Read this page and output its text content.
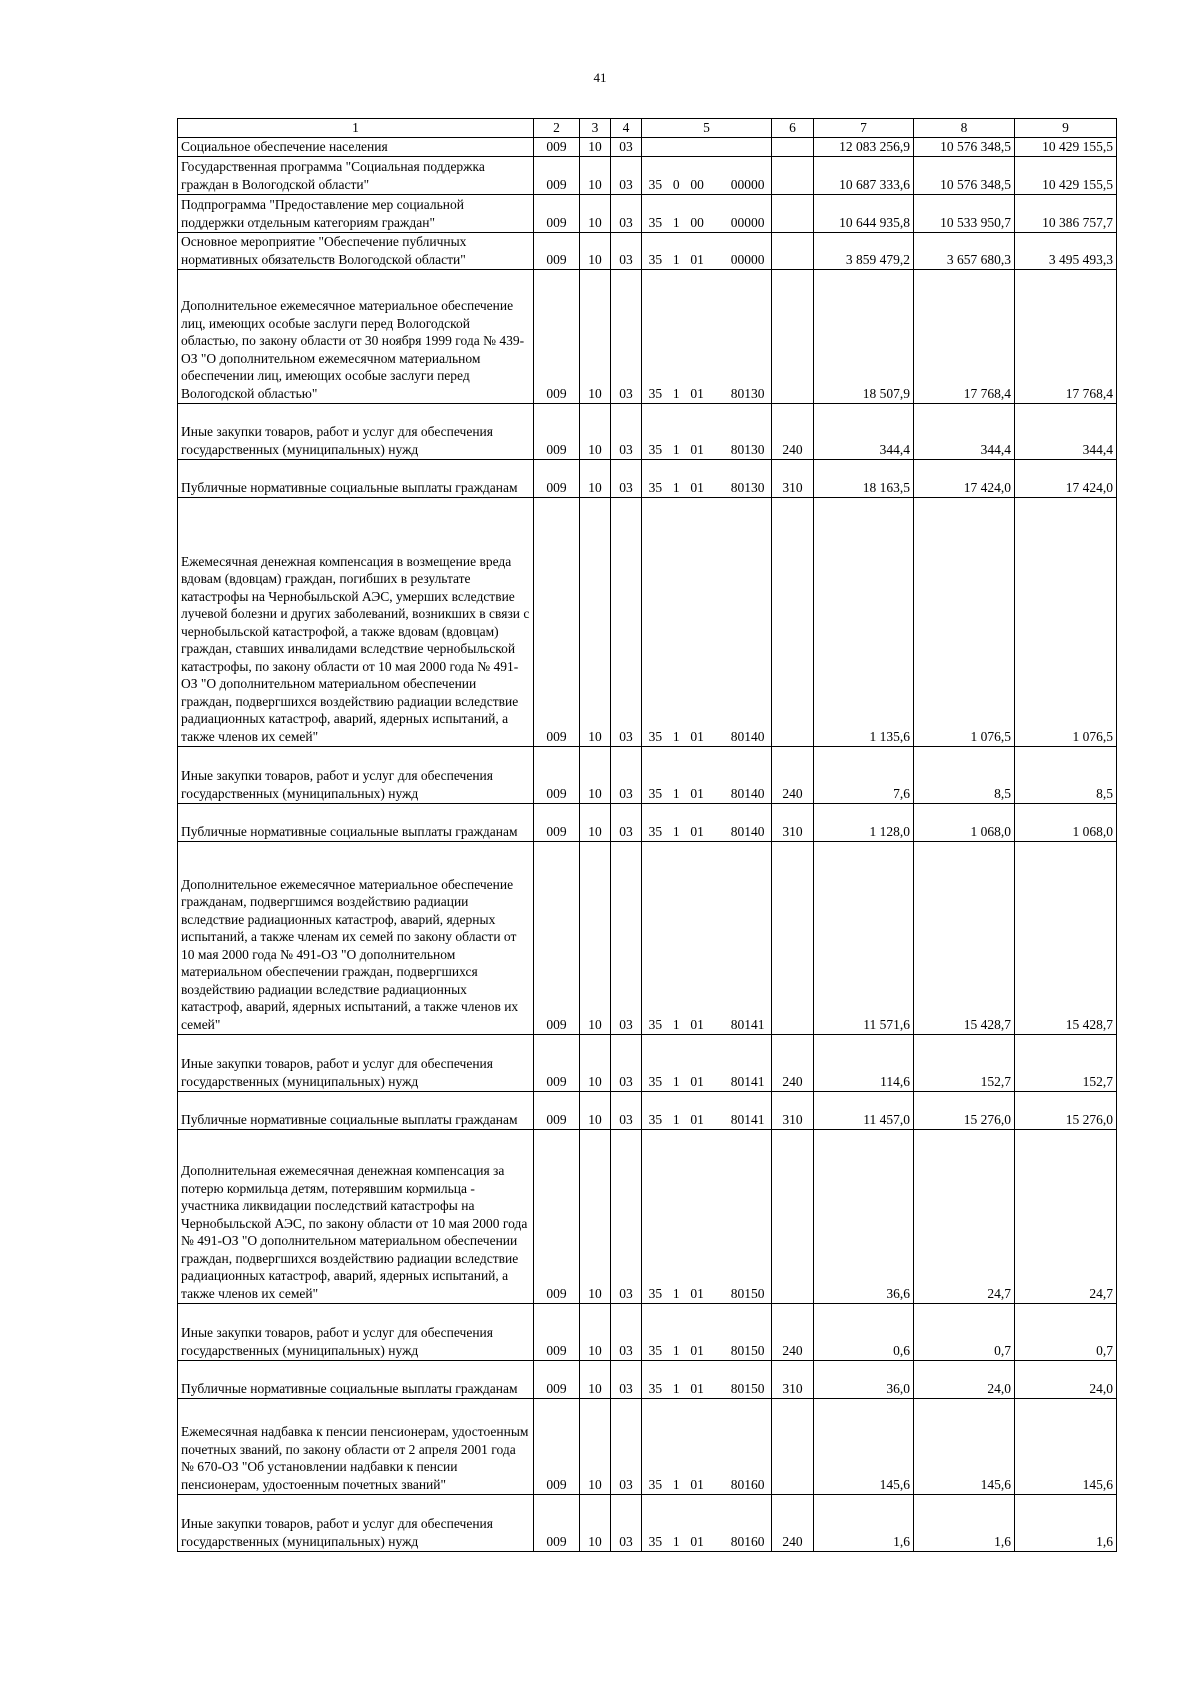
41
1	2	3	4	5	6	7	8	9
Социальное обеспечение населения	009	10	03			12 083 256,9	10 576 348,5	10 429 155,5
Государственная программа "Социальная поддержка граждан в Вологодской области"	009	10	03	35  0  00     00000		10 687 333,6	10 576 348,5	10 429 155,5
Подпрограмма "Предоставление мер социальной поддержки отдельным категориям граждан"	009	10	03	35  1  00     00000		10 644 935,8	10 533 950,7	10 386 757,7
Основное мероприятие "Обеспечение публичных нормативных обязательств Вологодской области"	009	10	03	35  1  01     00000		3 859 479,2	3 657 680,3	3 495 493,3
Дополнительное ежемесячное материальное обеспечение лиц, имеющих особые заслуги перед Вологодской областью, по закону области от 30 ноября 1999 года № 439-ОЗ "О дополнительном ежемесячном материальном обеспечении лиц, имеющих особые заслуги перед Вологодской областью"	009	10	03	35  1  01     80130		18 507,9	17 768,4	17 768,4
Иные закупки товаров, работ и услуг для обеспечения государственных (муниципальных) нужд	009	10	03	35  1  01     80130	240	344,4	344,4	344,4
Публичные нормативные социальные выплаты гражданам	009	10	03	35  1  01     80130	310	18 163,5	17 424,0	17 424,0
Ежемесячная денежная компенсация в возмещение вреда вдовам (вдовцам) граждан, погибших в результате катастрофы на Чернобыльской АЭС, умерших вследствие лучевой болезни и других заболеваний, возникших в связи с чернобыльской катастрофой, а также вдовам (вдовцам) граждан, ставших инвалидами вследствие чернобыльской катастрофы, по закону области от 10 мая 2000 года № 491-ОЗ "О дополнительном материальном обеспечении граждан, подвергшихся воздействию радиации вследствие радиационных катастроф, аварий, ядерных испытаний, а также членов их семей"	009	10	03	35  1  01     80140		1 135,6	1 076,5	1 076,5
Иные закупки товаров, работ и услуг для обеспечения государственных (муниципальных) нужд	009	10	03	35  1  01     80140	240	7,6	8,5	8,5
Публичные нормативные социальные выплаты гражданам	009	10	03	35  1  01     80140	310	1 128,0	1 068,0	1 068,0
Дополнительное ежемесячное материальное обеспечение гражданам, подвергшимся воздействию радиации вследствие радиационных катастроф, аварий, ядерных испытаний, а также членам их семей по закону области от 10 мая 2000 года № 491-ОЗ "О дополнительном материальном обеспечении граждан, подвергшихся воздействию радиации вследствие радиационных катастроф, аварий, ядерных испытаний, а также членов их семей"	009	10	03	35  1  01     80141		11 571,6	15 428,7	15 428,7
Иные закупки товаров, работ и услуг для обеспечения государственных (муниципальных) нужд	009	10	03	35  1  01     80141	240	114,6	152,7	152,7
Публичные нормативные социальные выплаты гражданам	009	10	03	35  1  01     80141	310	11 457,0	15 276,0	15 276,0
Дополнительная ежемесячная денежная компенсация за потерю кормильца детям, потерявшим кормильца - участника ликвидации последствий катастрофы на Чернобыльской АЭС, по закону области от 10 мая 2000 года № 491-ОЗ "О дополнительном материальном обеспечении граждан, подвергшихся воздействию радиации вследствие радиационных катастроф, аварий, ядерных испытаний, а также членов их семей"	009	10	03	35  1  01     80150		36,6	24,7	24,7
Иные закупки товаров, работ и услуг для обеспечения государственных (муниципальных) нужд	009	10	03	35  1  01     80150	240	0,6	0,7	0,7
Публичные нормативные социальные выплаты гражданам	009	10	03	35  1  01     80150	310	36,0	24,0	24,0
Ежемесячная надбавка к пенсии пенсионерам, удостоенным почетных званий, по закону области от 2 апреля 2001 года № 670-ОЗ "Об установлении надбавки к пенсии пенсионерам, удостоенным почетных званий"	009	10	03	35  1  01     80160		145,6	145,6	145,6
Иные закупки товаров, работ и услуг для обеспечения государственных (муниципальных) нужд	009	10	03	35  1  01     80160	240	1,6	1,6	1,6
